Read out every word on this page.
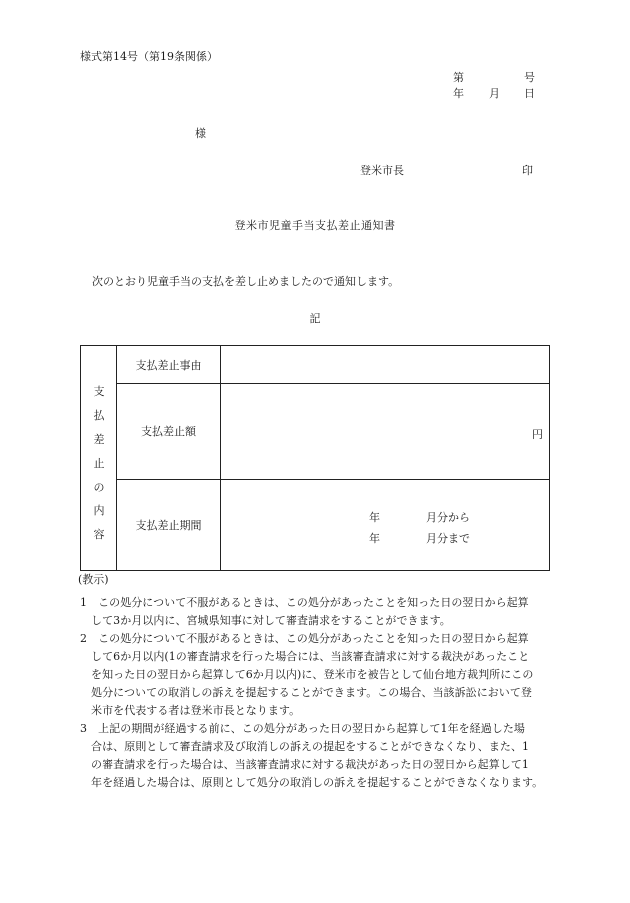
様式第14号（第19条関係）
第	号
年 月 日
様
登米市長	印
登米市児童手当支払差止通知書
次のとおり児童手当の支払を差し止めましたので通知します。
記
支
払
差
止
の
内
容
支払差止事由
支払差止額	円
支払差止期間
年	月分から
年	月分まで
(教示)
1　この処分について不服があるときは、この処分があったことを知った日の翌日から起算
　して3か月以内に、宮城県知事に対して審査請求をすることができます。
2　この処分について不服があるときは、この処分があったことを知った日の翌日から起算
　して6か月以内(1の審査請求を行った場合には、当該審査請求に対する裁決があったこと
　を知った日の翌日から起算して6か月以内)に、登米市を被告として仙台地方裁判所にこの
　処分についての取消しの訴えを提起することができます。この場合、当該訴訟において登
　米市を代表する者は登米市長となります。
3　上記の期間が経過する前に、この処分があった日の翌日から起算して1年を経過した場
　合は、原則として審査請求及び取消しの訴えの提起をすることができなくなり、また、1
　の審査請求を行った場合は、当該審査請求に対する裁決があった日の翌日から起算して1
　年を経過した場合は、原則として処分の取消しの訴えを提起することができなくなります。
